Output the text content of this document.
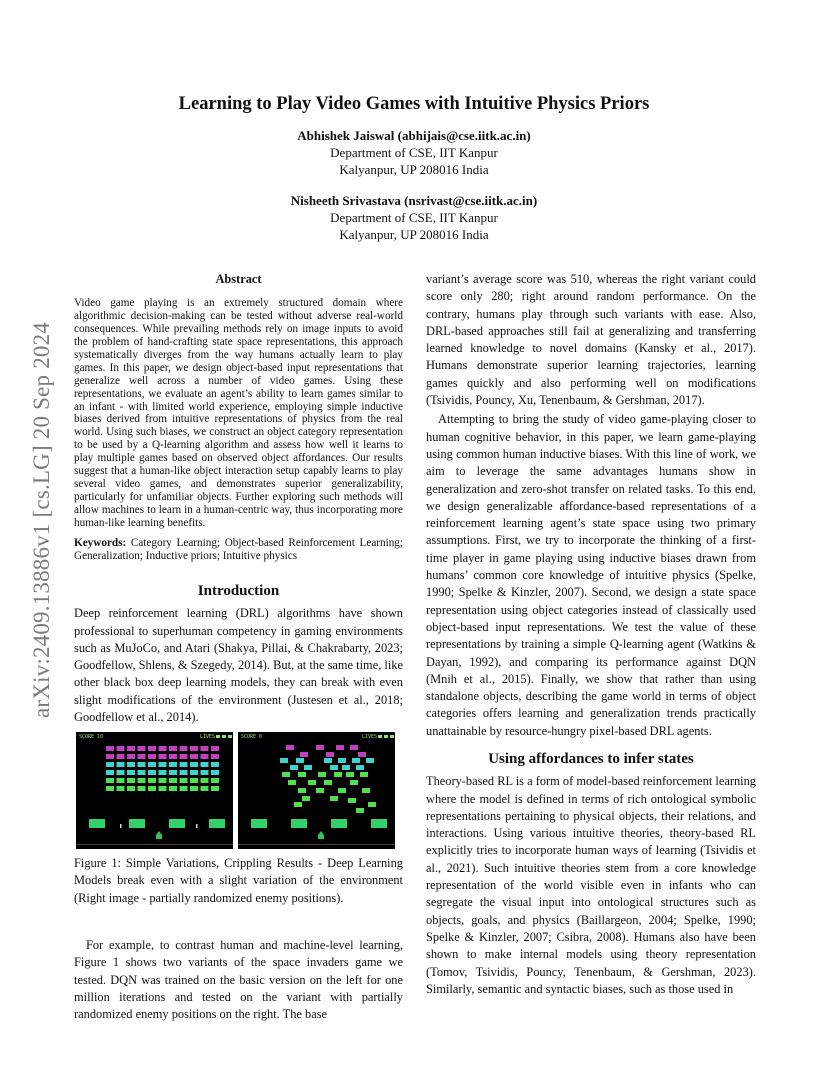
arXiv:2409.13886v1 [cs.LG] 20 Sep 2024
Learning to Play Video Games with Intuitive Physics Priors
Abhishek Jaiswal (abhijais@cse.iitk.ac.in)
Department of CSE, IIT Kanpur
Kalyanpur, UP 208016 India
Nisheeth Srivastava (nsrivast@cse.iitk.ac.in)
Department of CSE, IIT Kanpur
Kalyanpur, UP 208016 India
Abstract
Video game playing is an extremely structured domain where algorithmic decision-making can be tested without adverse real-world consequences. While prevailing methods rely on image inputs to avoid the problem of hand-crafting state space representations, this approach systematically diverges from the way humans actually learn to play games. In this paper, we design object-based input representations that generalize well across a number of video games. Using these representations, we evaluate an agent’s ability to learn games similar to an infant - with limited world experience, employing simple inductive biases derived from intuitive representations of physics from the real world. Using such biases, we construct an object category representation to be used by a Q-learning algorithm and assess how well it learns to play multiple games based on observed object affordances. Our results suggest that a human-like object interaction setup capably learns to play several video games, and demonstrates superior generalizability, particularly for unfamiliar objects. Further exploring such methods will allow machines to learn in a human-centric way, thus incorporating more human-like learning benefits.
Keywords: Category Learning; Object-based Reinforcement Learning; Generalization; Inductive priors; Intuitive physics
Introduction

Deep reinforcement learning (DRL) algorithms have shown professional to superhuman competency in gaming environments such as MuJoCo, and Atari (Shakya, Pillai, & Chakrabarty, 2023; Goodfellow, Shlens, & Szegedy, 2014). But, at the same time, like other black box deep learning models, they can break with even slight modifications of the environment (Justesen et al., 2018; Goodfellow et al., 2014).

SCORE 10	LIVES	SCORE 0	LIVES
Figure 1: Simple Variations, Crippling Results - Deep Learning Models break even with a slight variation of the environment (Right image - partially randomized enemy positions).

For example, to contrast human and machine-level learning, Figure 1 shows two variants of the space invaders game we tested. DQN was trained on the basic version on the left for one million iterations and tested on the variant with partially randomized enemy positions on the right. The base

variant’s average score was 510, whereas the right variant could score only 280; right around random performance. On the contrary, humans play through such variants with ease. Also, DRL-based approaches still fail at generalizing and transferring learned knowledge to novel domains (Kansky et al., 2017). Humans demonstrate superior learning trajectories, learning games quickly and also performing well on modifications (Tsividis, Pouncy, Xu, Tenenbaum, & Gershman, 2017).

Attempting to bring the study of video game-playing closer to human cognitive behavior, in this paper, we learn game-playing using common human inductive biases. With this line of work, we aim to leverage the same advantages humans show in generalization and zero-shot transfer on related tasks. To this end, we design generalizable affordance-based representations of a reinforcement learning agent’s state space using two primary assumptions. First, we try to incorporate the thinking of a first-time player in game playing using inductive biases drawn from humans’ common core knowledge of intuitive physics (Spelke, 1990; Spelke & Kinzler, 2007). Second, we design a state space representation using object categories instead of classically used object-based input representations. We test the value of these representations by training a simple Q-learning agent (Watkins & Dayan, 1992), and comparing its performance against DQN (Mnih et al., 2015). Finally, we show that rather than using standalone objects, describing the game world in terms of object categories offers learning and generalization trends practically unattainable by resource-hungry pixel-based DRL agents.

Using affordances to infer states

Theory-based RL is a form of model-based reinforcement learning where the model is defined in terms of rich ontological symbolic representations pertaining to physical objects, their relations, and interactions. Using various intuitive theories, theory-based RL explicitly tries to incorporate human ways of learning (Tsividis et al., 2021). Such intuitive theories stem from a core knowledge representation of the world visible even in infants who can segregate the visual input into ontological structures such as objects, goals, and physics (Baillargeon, 2004; Spelke, 1990; Spelke & Kinzler, 2007; Csibra, 2008). Humans also have been shown to make internal models using theory representation (Tomov, Tsividis, Pouncy, Tenenbaum, & Gershman, 2023). Similarly, semantic and syntactic biases, such as those used in
